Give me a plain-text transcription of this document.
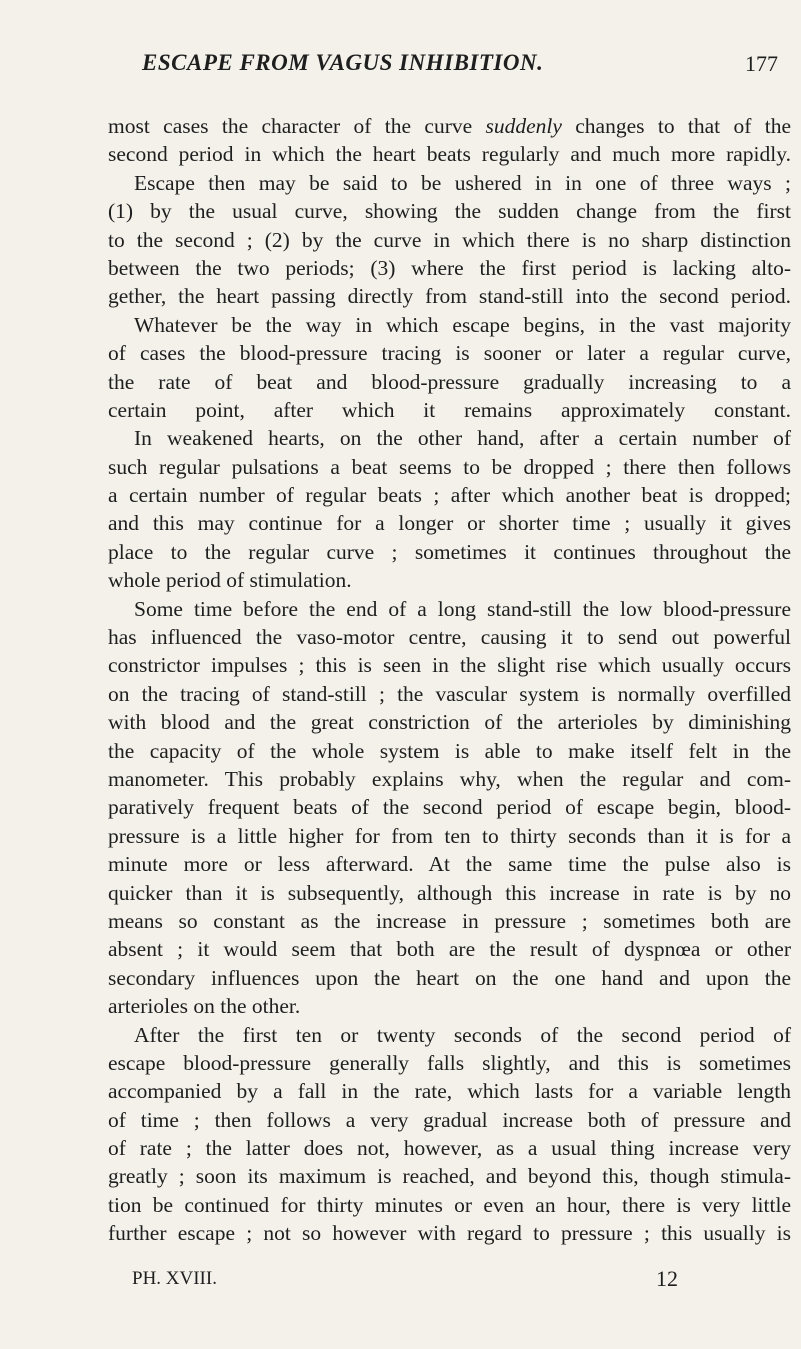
ESCAPE FROM VAGUS INHIBITION.	177
most cases the character of the curve suddenly changes to that of the
second period in which the heart beats regularly and much more rapidly.
Escape then may be said to be ushered in in one of three ways ;
(1) by the usual curve, showing the sudden change from the first
to the second ; (2) by the curve in which there is no sharp distinction
between the two periods; (3) where the first period is lacking alto-
gether, the heart passing directly from stand-still into the second period.
Whatever be the way in which escape begins, in the vast majority
of cases the blood-pressure tracing is sooner or later a regular curve,
the rate of beat and blood-pressure gradually increasing to a
certain point, after which it remains approximately constant.
In weakened hearts, on the other hand, after a certain number of
such regular pulsations a beat seems to be dropped ; there then follows
a certain number of regular beats ; after which another beat is dropped;
and this may continue for a longer or shorter time ; usually it gives
place to the regular curve ; sometimes it continues throughout the
whole period of stimulation.
Some time before the end of a long stand-still the low blood-pressure
has influenced the vaso-motor centre, causing it to send out powerful
constrictor impulses ; this is seen in the slight rise which usually occurs
on the tracing of stand-still ; the vascular system is normally overfilled
with blood and the great constriction of the arterioles by diminishing
the capacity of the whole system is able to make itself felt in the
manometer. This probably explains why, when the regular and com-
paratively frequent beats of the second period of escape begin, blood-
pressure is a little higher for from ten to thirty seconds than it is for a
minute more or less afterward. At the same time the pulse also is
quicker than it is subsequently, although this increase in rate is by no
means so constant as the increase in pressure ; sometimes both are
absent ; it would seem that both are the result of dyspnœa or other
secondary influences upon the heart on the one hand and upon the
arterioles on the other.
After the first ten or twenty seconds of the second period of
escape blood-pressure generally falls slightly, and this is sometimes
accompanied by a fall in the rate, which lasts for a variable length
of time ; then follows a very gradual increase both of pressure and
of rate ; the latter does not, however, as a usual thing increase very
greatly ; soon its maximum is reached, and beyond this, though stimula-
tion be continued for thirty minutes or even an hour, there is very little
further escape ; not so however with regard to pressure ; this usually is
PH. XVIII.	12
